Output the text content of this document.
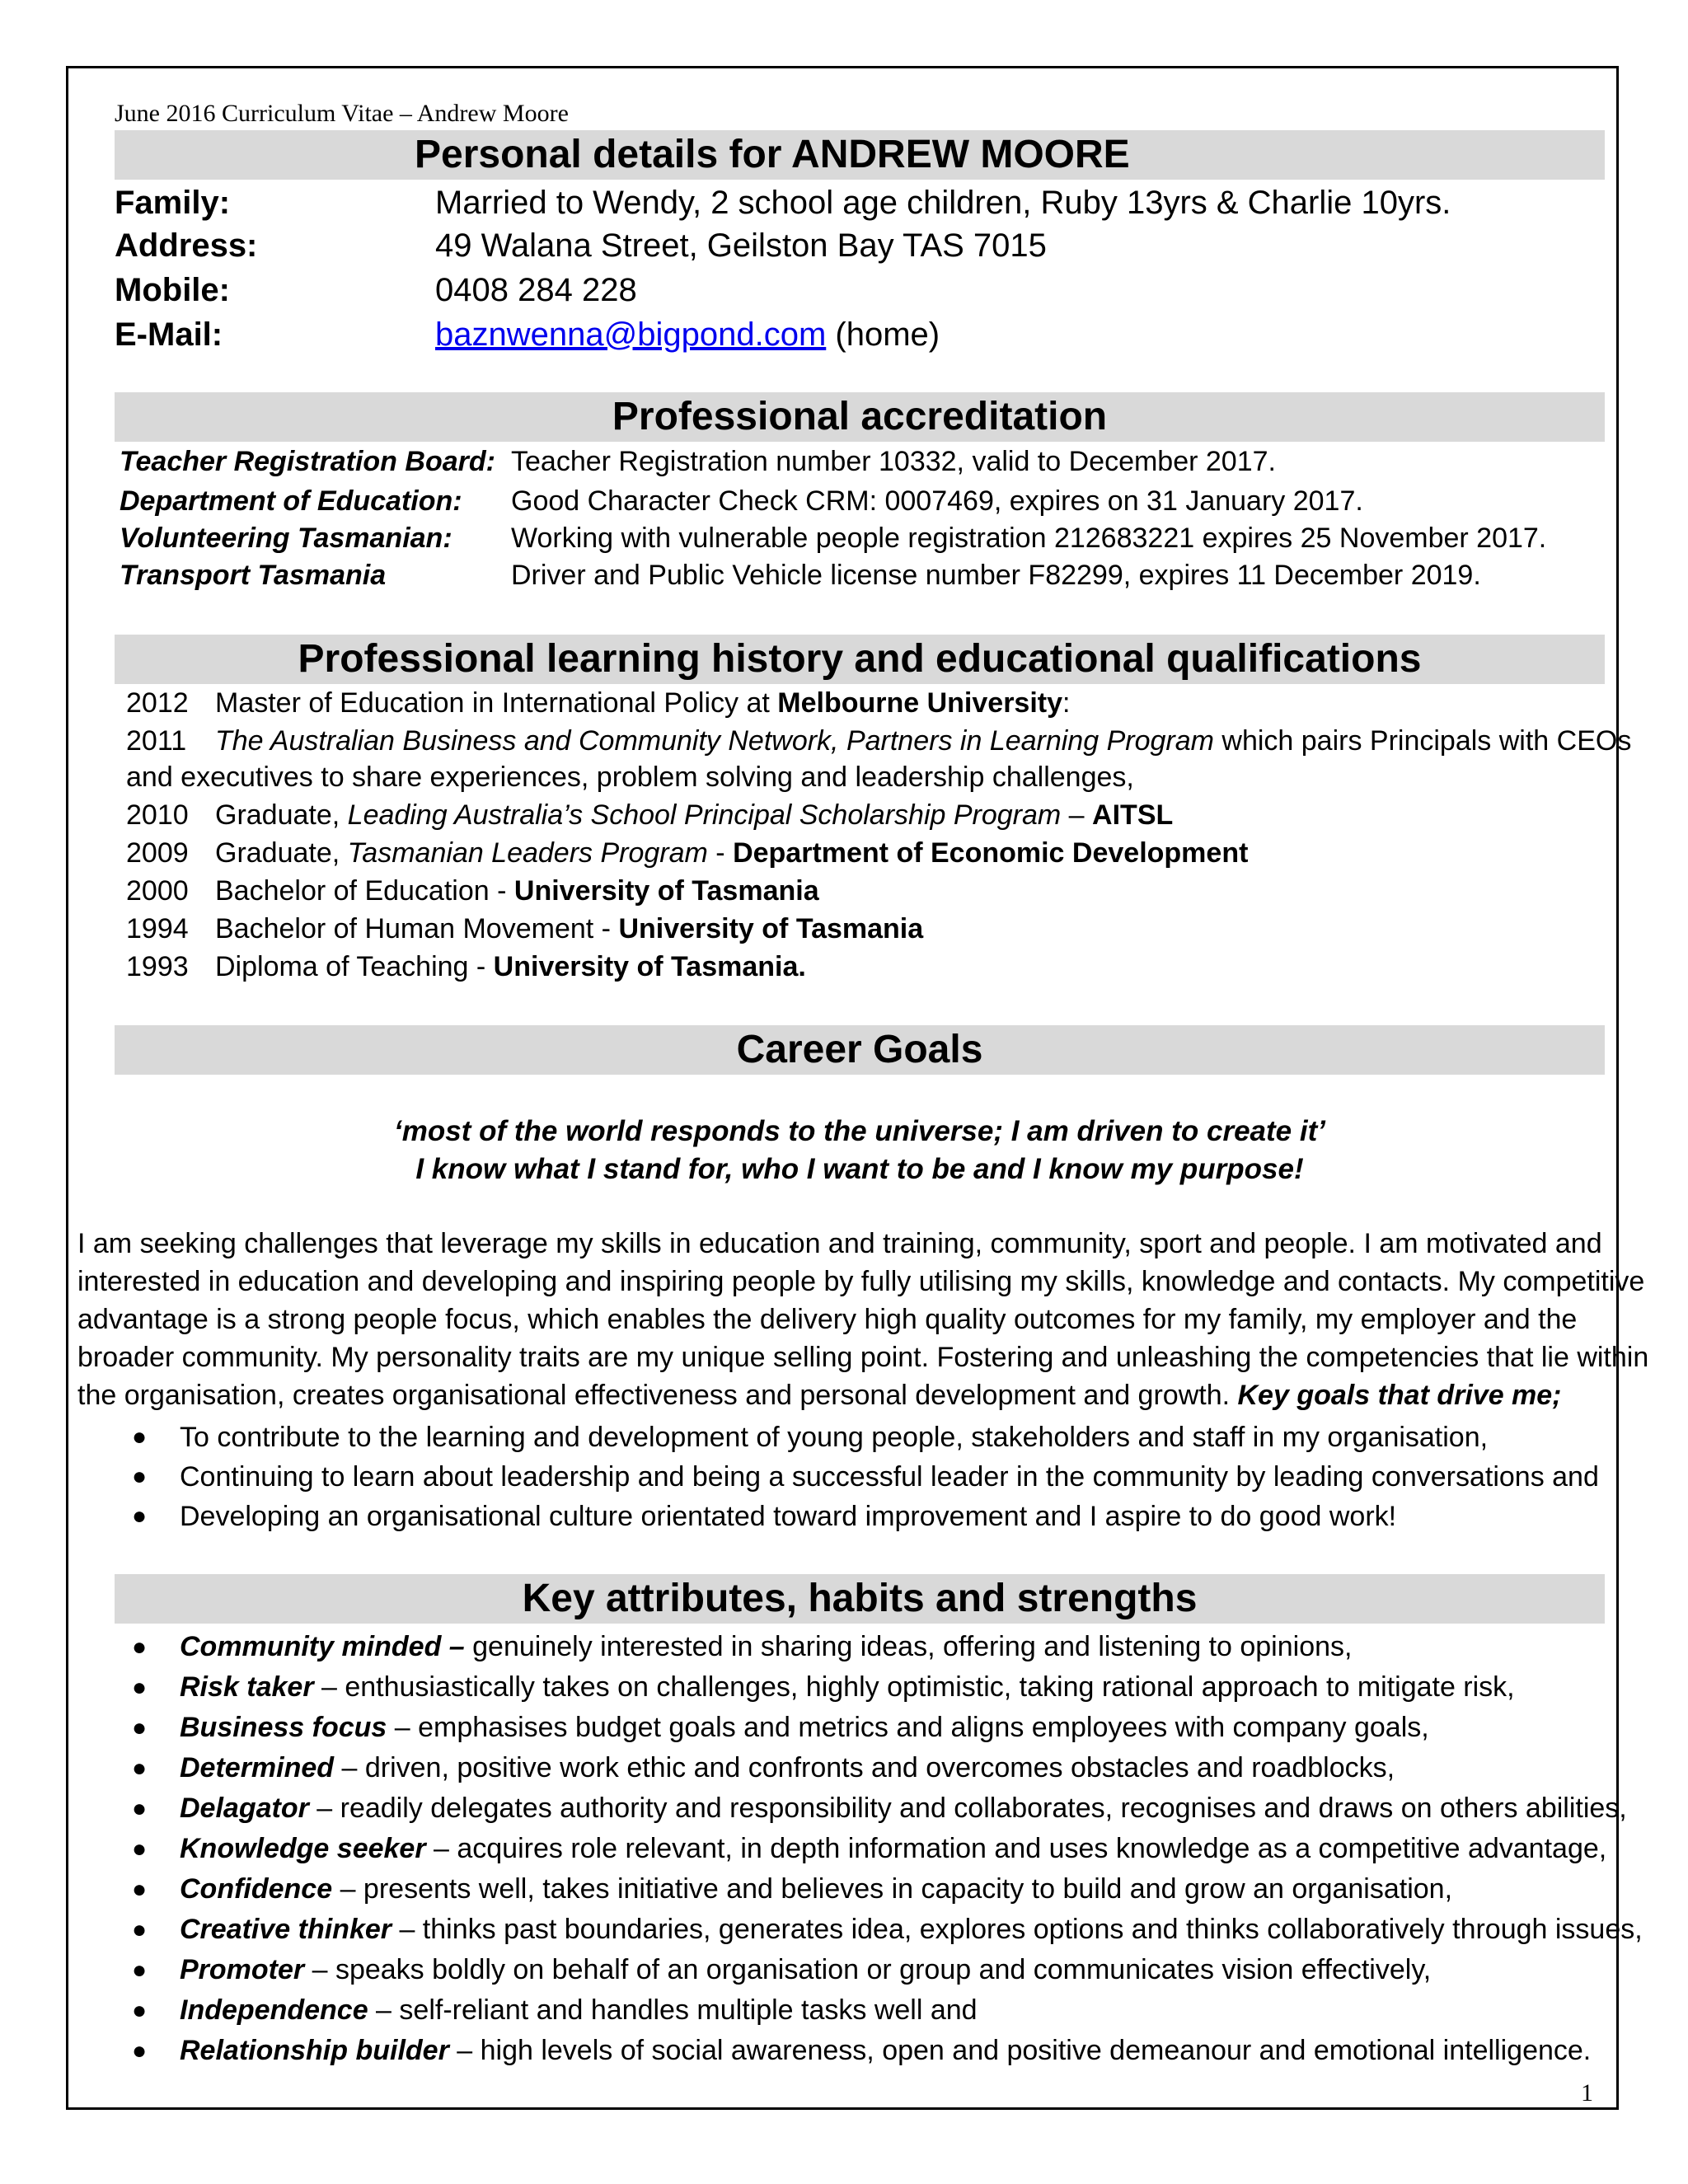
June 2016 Curriculum Vitae – Andrew Moore
Personal details for ANDREW MOORE
Family:	Married to Wendy, 2 school age children, Ruby 13yrs & Charlie 10yrs.
Address:	49 Walana Street, Geilston Bay TAS 7015
Mobile:	0408 284 228
E-Mail:	baznwenna@bigpond.com (home)
Professional accreditation
Teacher Registration Board: Teacher Registration number 10332, valid to December 2017.
Department of Education: Good Character Check CRM: 0007469, expires on 31 January 2017.
Volunteering Tasmanian: Working with vulnerable people registration 212683221 expires 25 November 2017.
Transport Tasmania	Driver and Public Vehicle license number F82299, expires 11 December 2019.
Professional learning history and educational qualifications
2012 Master of Education in International Policy at Melbourne University:
2011 The Australian Business and Community Network, Partners in Learning Program which pairs Principals with CEOs
and executives to share experiences, problem solving and leadership challenges,
2010 Graduate, Leading Australia’s School Principal Scholarship Program – AITSL
2009 Graduate, Tasmanian Leaders Program - Department of Economic Development
2000 Bachelor of Education - University of Tasmania
1994 Bachelor of Human Movement - University of Tasmania
1993 Diploma of Teaching - University of Tasmania.
Career Goals
‘most of the world responds to the universe; I am driven to create it’
I know what I stand for, who I want to be and I know my purpose!
I am seeking challenges that leverage my skills in education and training, community, sport and people. I am motivated and
interested in education and developing and inspiring people by fully utilising my skills, knowledge and contacts. My competitive
advantage is a strong people focus, which enables the delivery high quality outcomes for my family, my employer and the
broader community. My personality traits are my unique selling point. Fostering and unleashing the competencies that lie within
the organisation, creates organisational effectiveness and personal development and growth. Key goals that drive me;
● To contribute to the learning and development of young people, stakeholders and staff in my organisation,
● Continuing to learn about leadership and being a successful leader in the community by leading conversations and
● Developing an organisational culture orientated toward improvement and I aspire to do good work!
Key attributes, habits and strengths
● Community minded – genuinely interested in sharing ideas, offering and listening to opinions,
● Risk taker – enthusiastically takes on challenges, highly optimistic, taking rational approach to mitigate risk,
● Business focus – emphasises budget goals and metrics and aligns employees with company goals,
● Determined – driven, positive work ethic and confronts and overcomes obstacles and roadblocks,
● Delagator – readily delegates authority and responsibility and collaborates, recognises and draws on others abilities,
● Knowledge seeker – acquires role relevant, in depth information and uses knowledge as a competitive advantage,
● Confidence – presents well, takes initiative and believes in capacity to build and grow an organisation,
● Creative thinker – thinks past boundaries, generates idea, explores options and thinks collaboratively through issues,
● Promoter – speaks boldly on behalf of an organisation or group and communicates vision effectively,
● Independence – self-reliant and handles multiple tasks well and
● Relationship builder – high levels of social awareness, open and positive demeanour and emotional intelligence.
1
